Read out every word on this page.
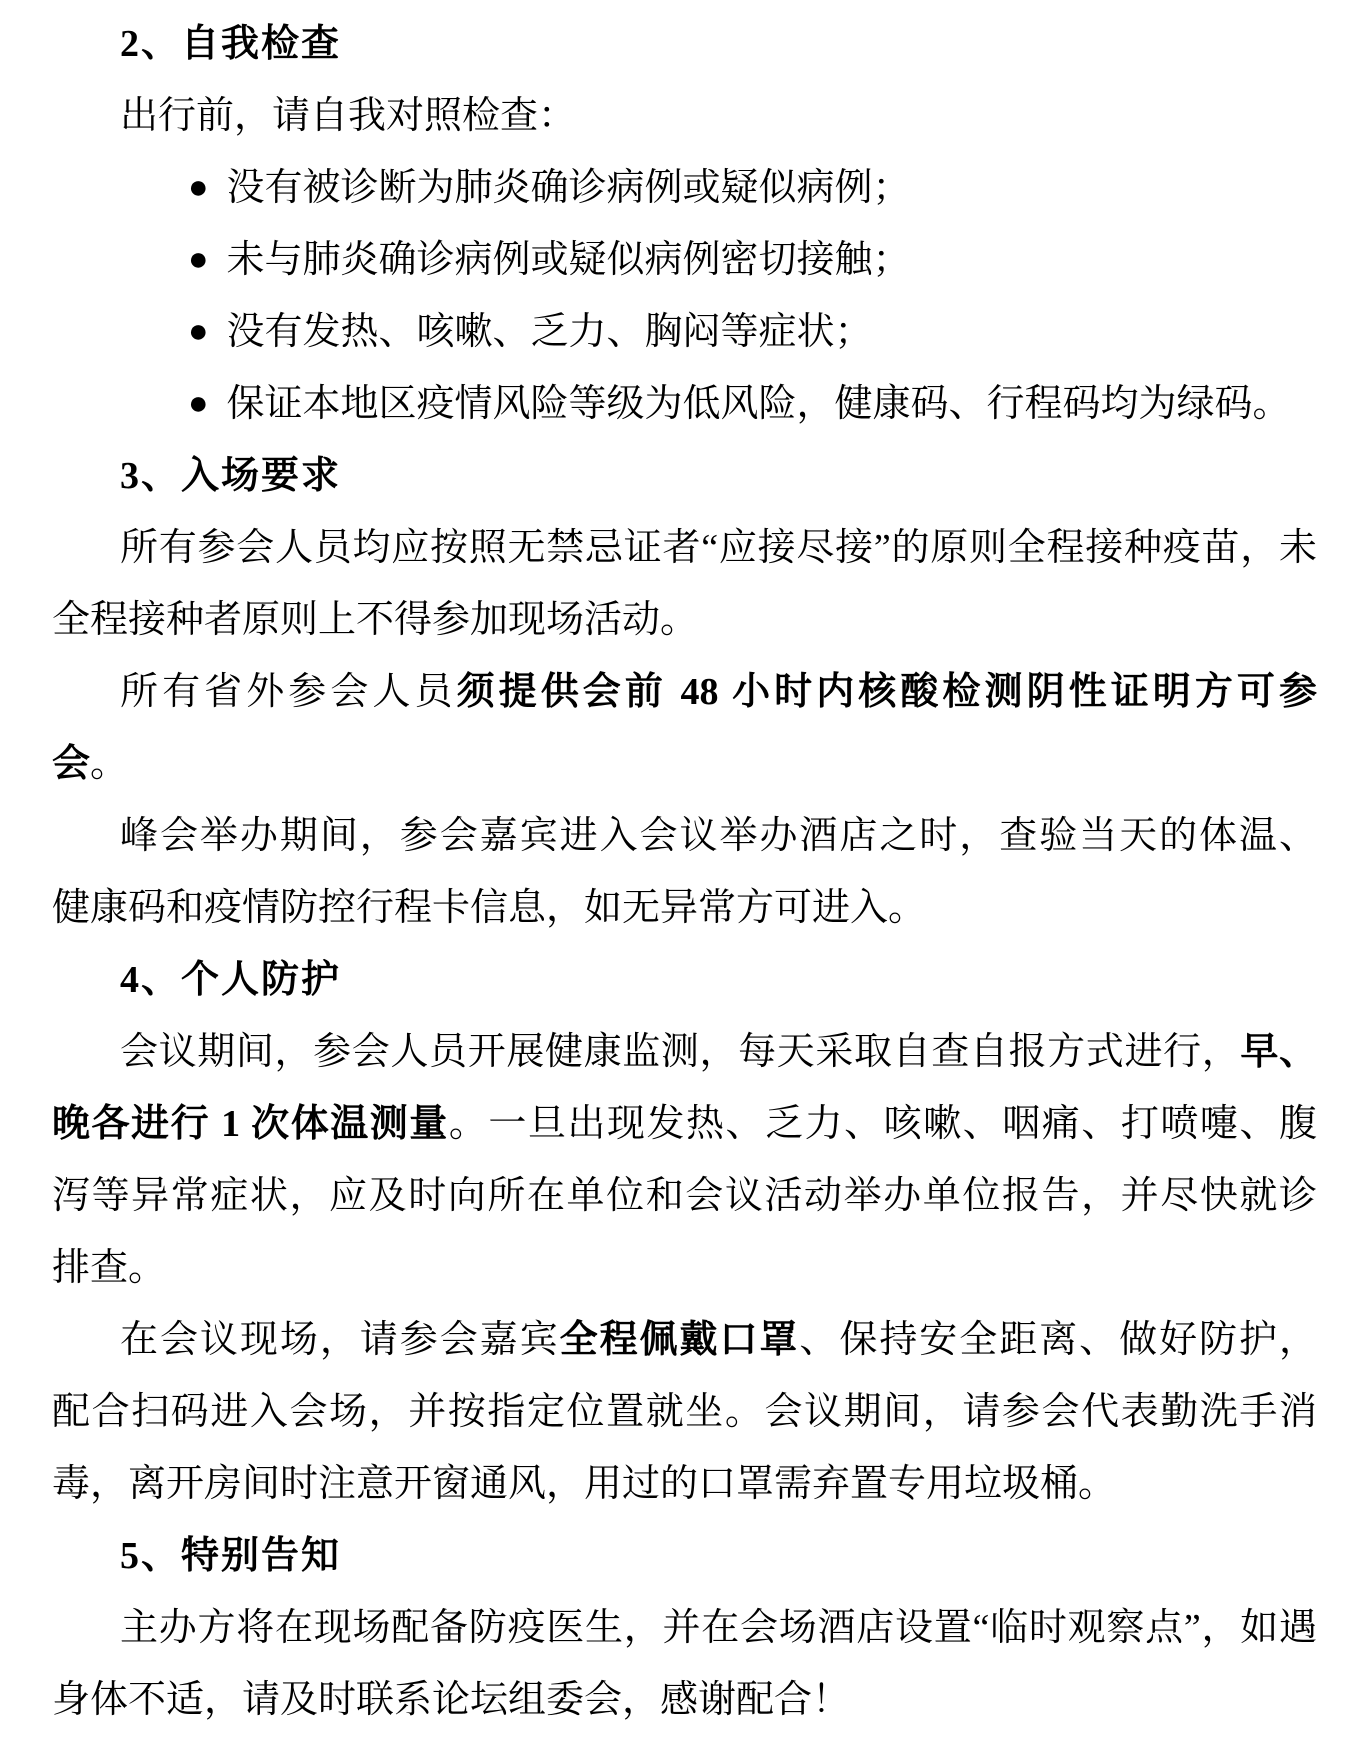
2、自我检查
出行前，请自我对照检查：
● 没有被诊断为肺炎确诊病例或疑似病例；
● 未与肺炎确诊病例或疑似病例密切接触；
● 没有发热、咳嗽、乏力、胸闷等症状；
● 保证本地区疫情风险等级为低风险，健康码、行程码均为绿码。
3、入场要求
所有参会人员均应按照无禁忌证者“应接尽接”的原则全程接种疫苗，未
全程接种者原则上不得参加现场活动。
所有省外参会人员须提供会前 48 小时内核酸检测阴性证明方可参
会。
峰会举办期间，参会嘉宾进入会议举办酒店之时，查验当天的体温、
健康码和疫情防控行程卡信息，如无异常方可进入。
4、个人防护
会议期间，参会人员开展健康监测，每天采取自查自报方式进行，早、
晚各进行 1 次体温测量。一旦出现发热、乏力、咳嗽、咽痛、打喷嚏、腹
泻等异常症状，应及时向所在单位和会议活动举办单位报告，并尽快就诊
排查。
在会议现场，请参会嘉宾全程佩戴口罩、保持安全距离、做好防护，
配合扫码进入会场，并按指定位置就坐。会议期间，请参会代表勤洗手消
毒，离开房间时注意开窗通风，用过的口罩需弃置专用垃圾桶。
5、特别告知
主办方将在现场配备防疫医生，并在会场酒店设置“临时观察点”，如遇
身体不适，请及时联系论坛组委会，感谢配合！
